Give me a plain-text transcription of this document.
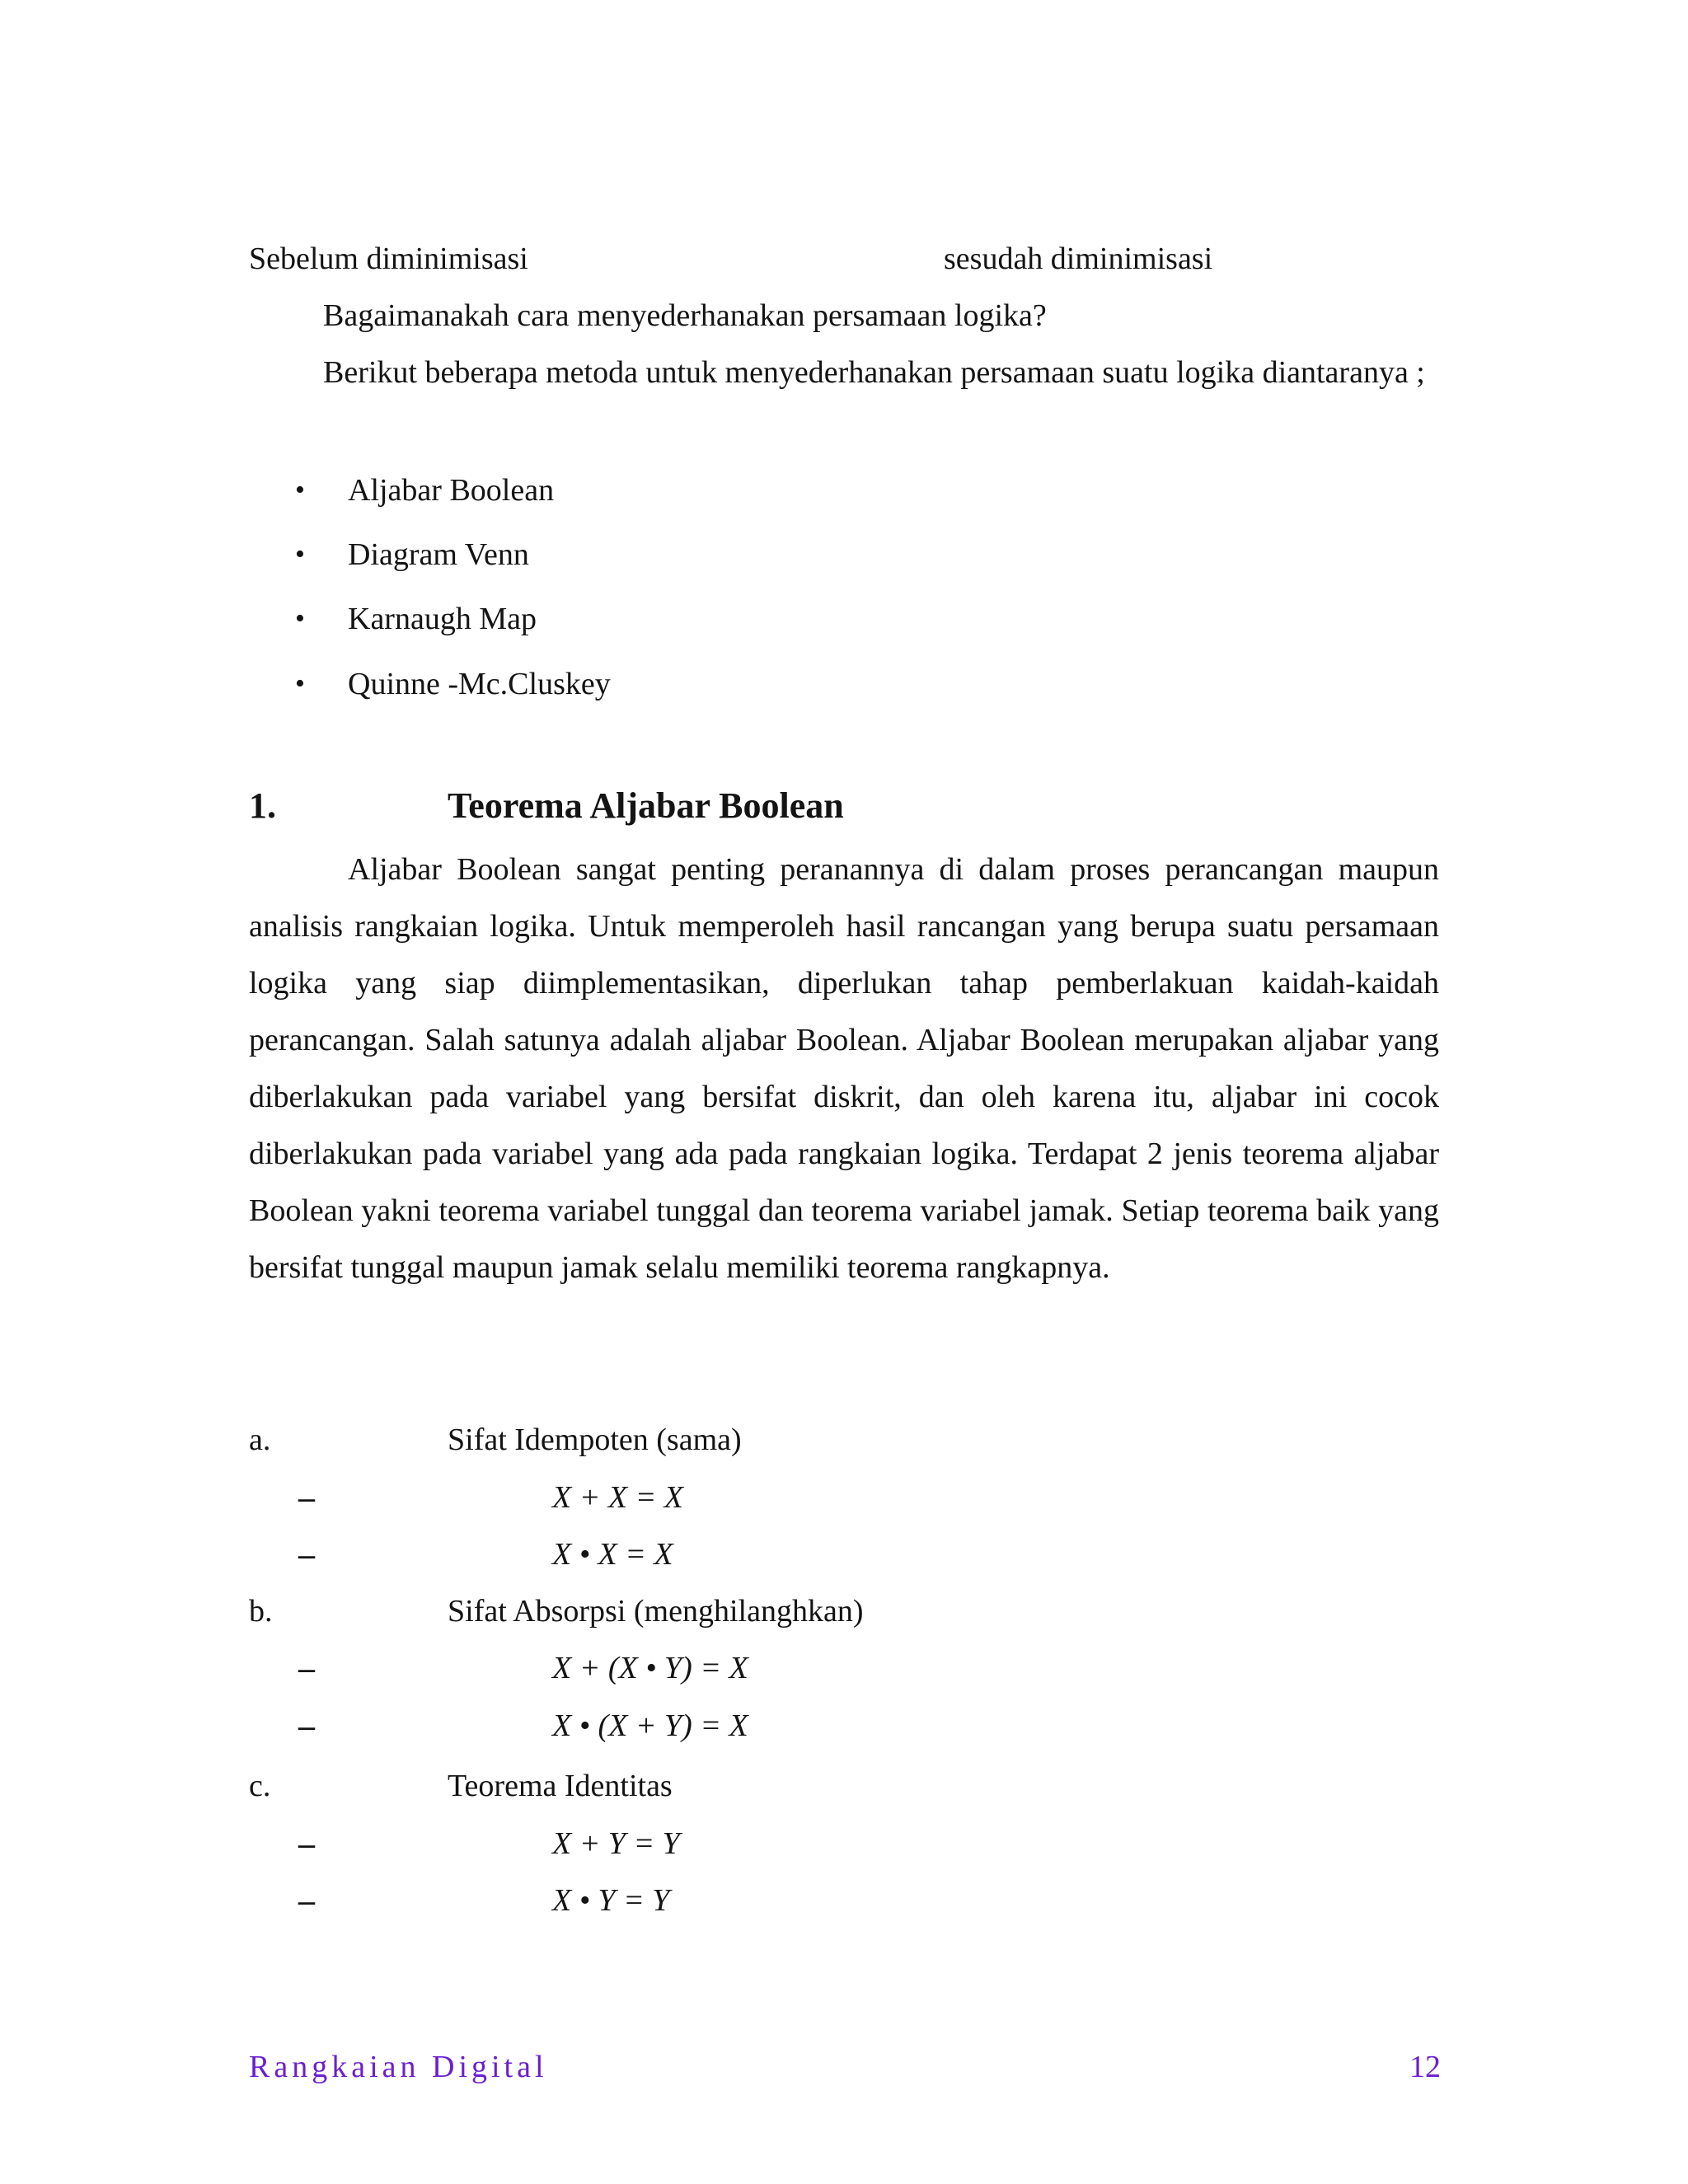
Sebelum diminimisasi	sesudah diminimisasi
Bagaimanakah cara menyederhanakan persamaan logika?
Berikut beberapa metoda untuk menyederhanakan persamaan suatu logika diantaranya ;
• Aljabar Boolean
• Diagram Venn
• Karnaugh Map
• Quinne -Mc.Cluskey
1.	Teorema Aljabar Boolean
Aljabar Boolean sangat penting peranannya di dalam proses perancangan maupun analisis rangkaian logika. Untuk memperoleh hasil rancangan yang berupa suatu persamaan logika yang siap diimplementasikan, diperlukan tahap pemberlakuan kaidah-kaidah perancangan. Salah satunya adalah aljabar Boolean. Aljabar Boolean merupakan aljabar yang diberlakukan pada variabel yang bersifat diskrit, dan oleh karena itu, aljabar ini cocok diberlakukan pada variabel yang ada pada rangkaian logika. Terdapat 2 jenis teorema aljabar Boolean yakni teorema variabel tunggal dan teorema variabel jamak. Setiap teorema baik yang bersifat tunggal maupun jamak selalu memiliki teorema rangkapnya.
a.	Sifat Idempoten (sama)
–	X + X = X
–	X • X = X
b.	Sifat Absorpsi (menghilanghkan)
–	X + (X • Y) = X
–	X • (X + Y) = X
c.	Teorema Identitas
–	X + Y = Y
–	X • Y = Y
Rangkaian Digital	12
